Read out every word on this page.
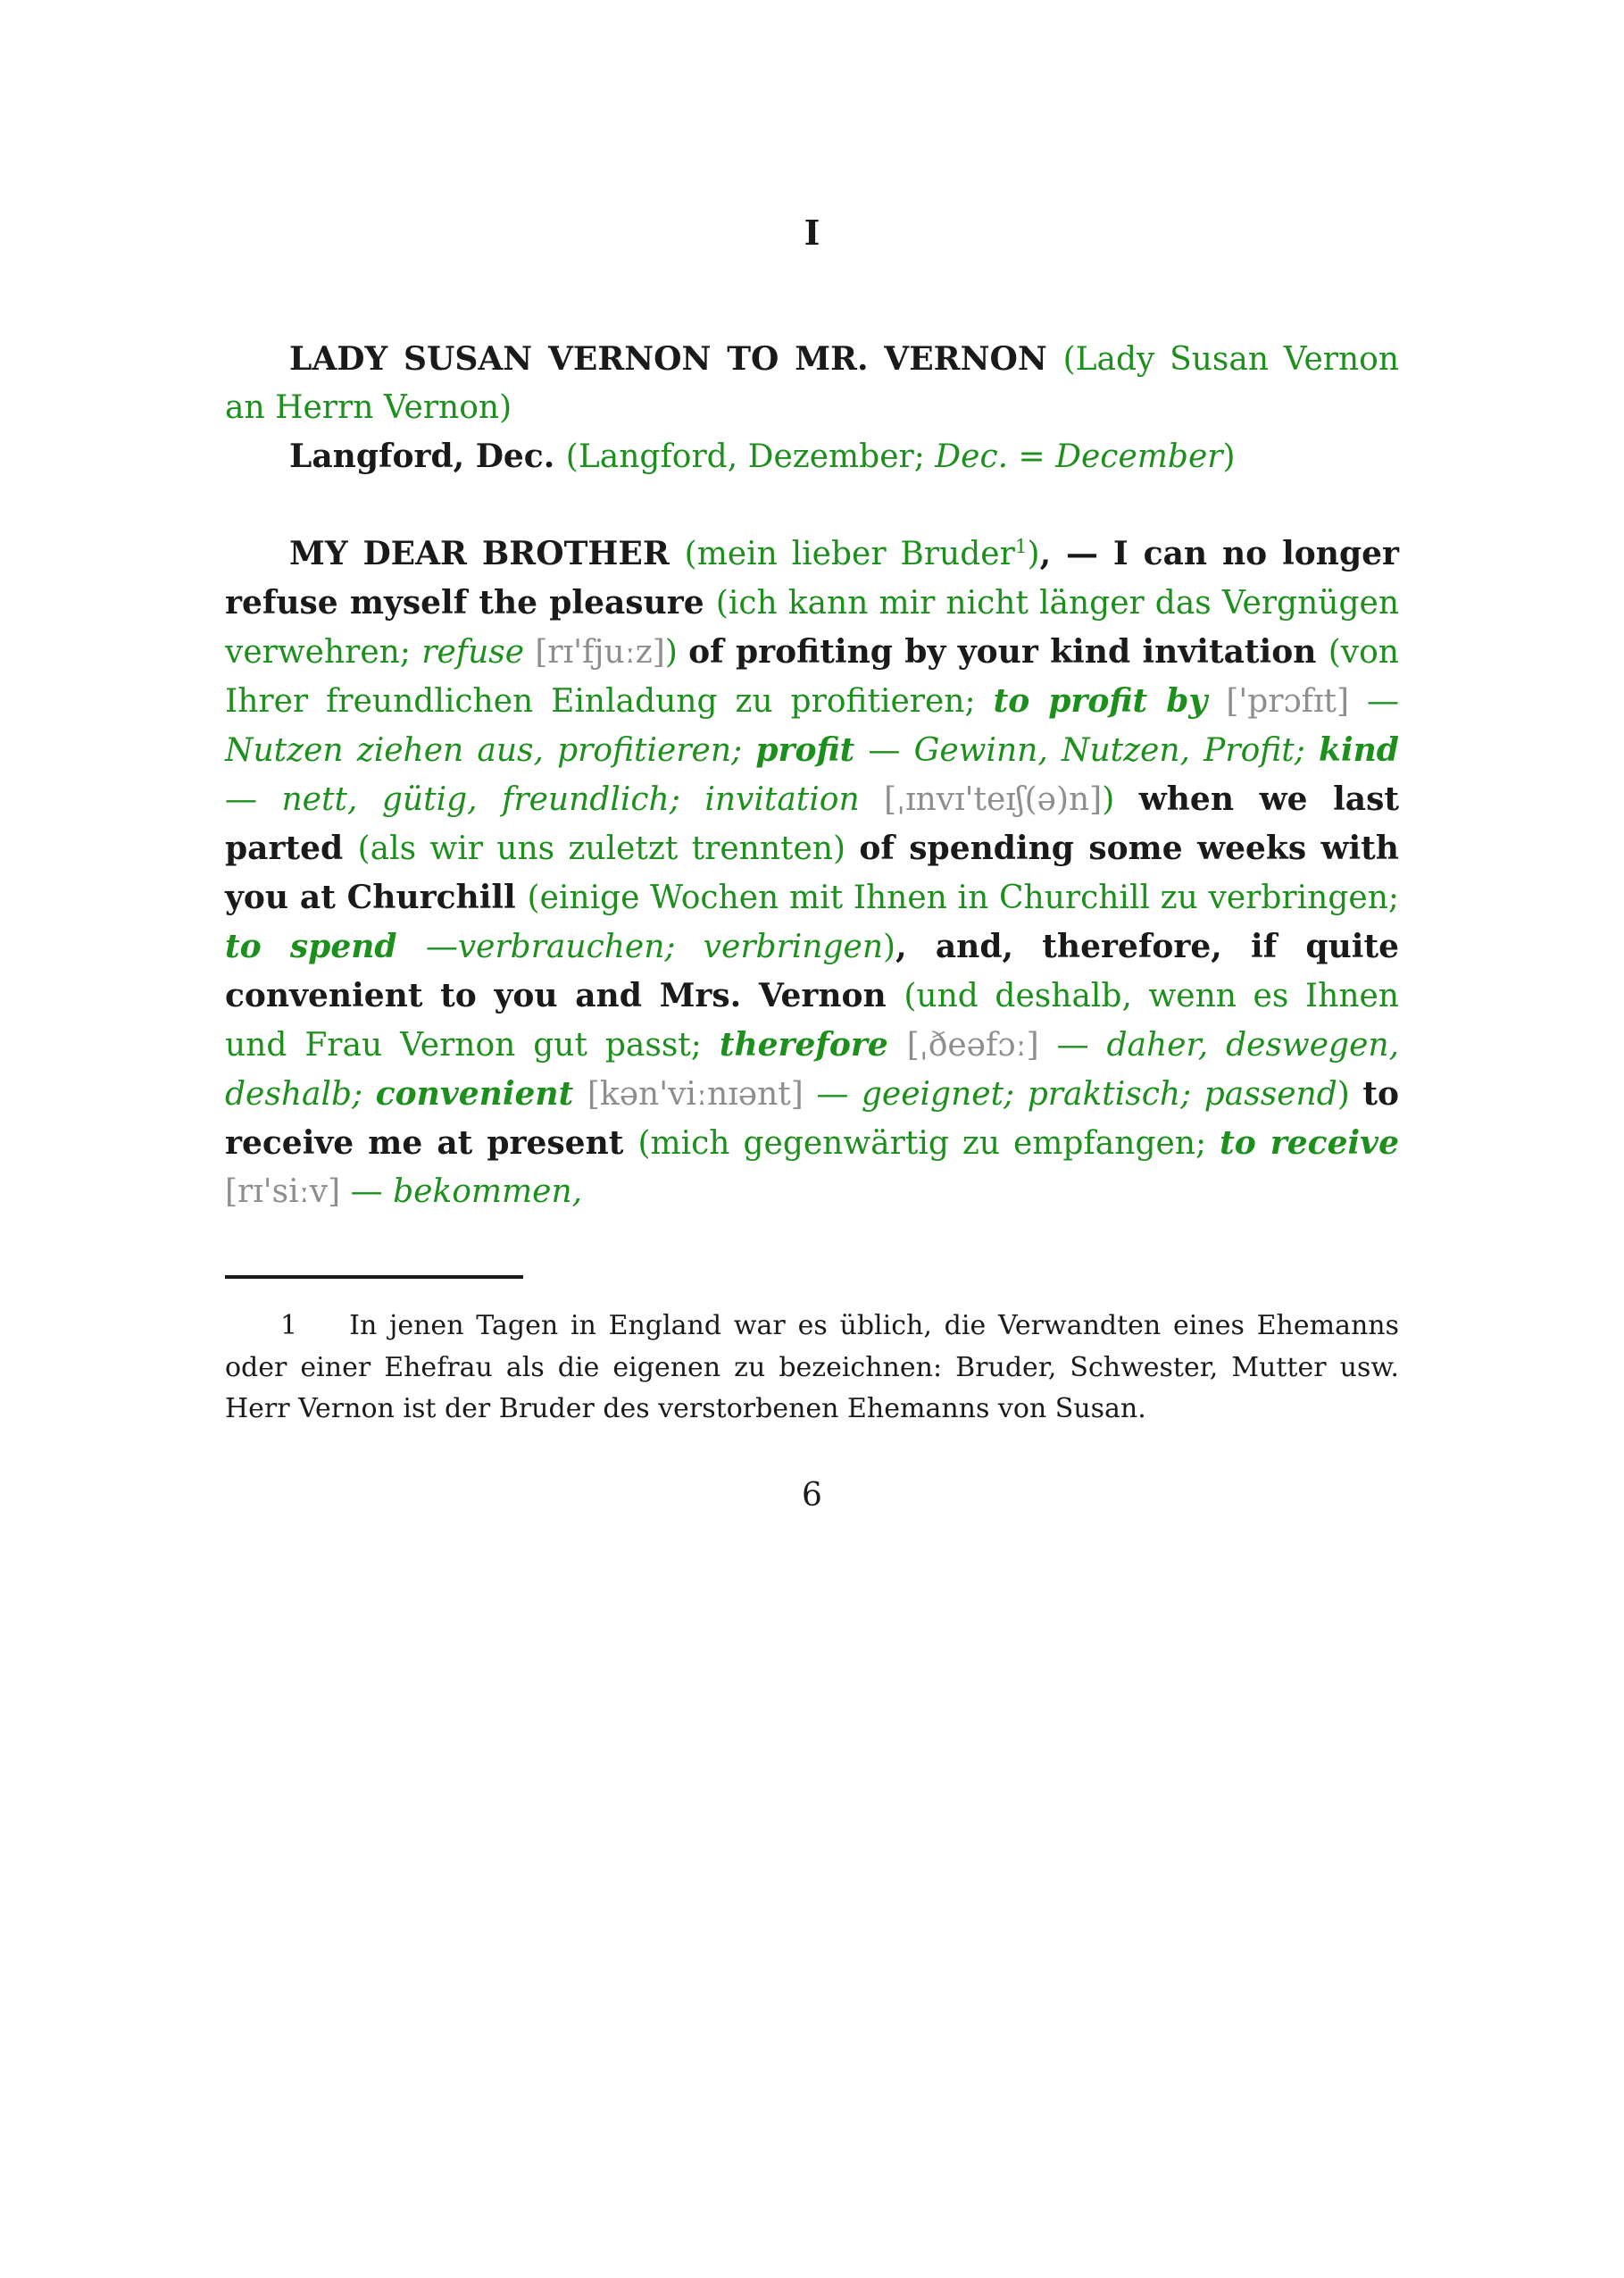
I

LADY SUSAN VERNON TO MR. VERNON (Lady Susan Vernon an Herrn Vernon)

Langford, Dec. (Langford, Dezember; Dec. = December)

MY DEAR BROTHER (mein lieber Bruder$^1$), — I can no longer refuse myself the pleasure (ich kann mir nicht länger das Vergnügen verwehren; refuse [rɪ'fjuːz]) of profiting by your kind invitation (von Ihrer freundlichen Einladung zu profitieren; to profit by ['prɔfɪt] — Nutzen ziehen aus, profitieren; profit — Gewinn, Nutzen, Profit; kind — nett, gütig, freundlich; invitation [ˌɪnvɪ'teɪʃ(ə)n]) when we last parted (als wir uns zuletzt trennten) of spending some weeks with you at Churchill (einige Wochen mit Ihnen in Churchill zu verbringen; to spend —verbrauchen; verbringen), and, therefore, if quite convenient to you and Mrs. Vernon (und deshalb, wenn es Ihnen und Frau Vernon gut passt; therefore [ˌðeəfɔː] — daher, deswegen, deshalb; convenient [kən'viːnɪənt] — geeignet; praktisch; passend) to receive me at present (mich gegenwärtig zu empfangen; to receive [rɪ'siːv] — bekommen,

1 In jenen Tagen in England war es üblich, die Verwandten eines Ehemanns oder einer Ehefrau als die eigenen zu bezeichnen: Bruder, Schwester, Mutter usw. Herr Vernon ist der Bruder des verstorbenen Ehemanns von Susan.

6
